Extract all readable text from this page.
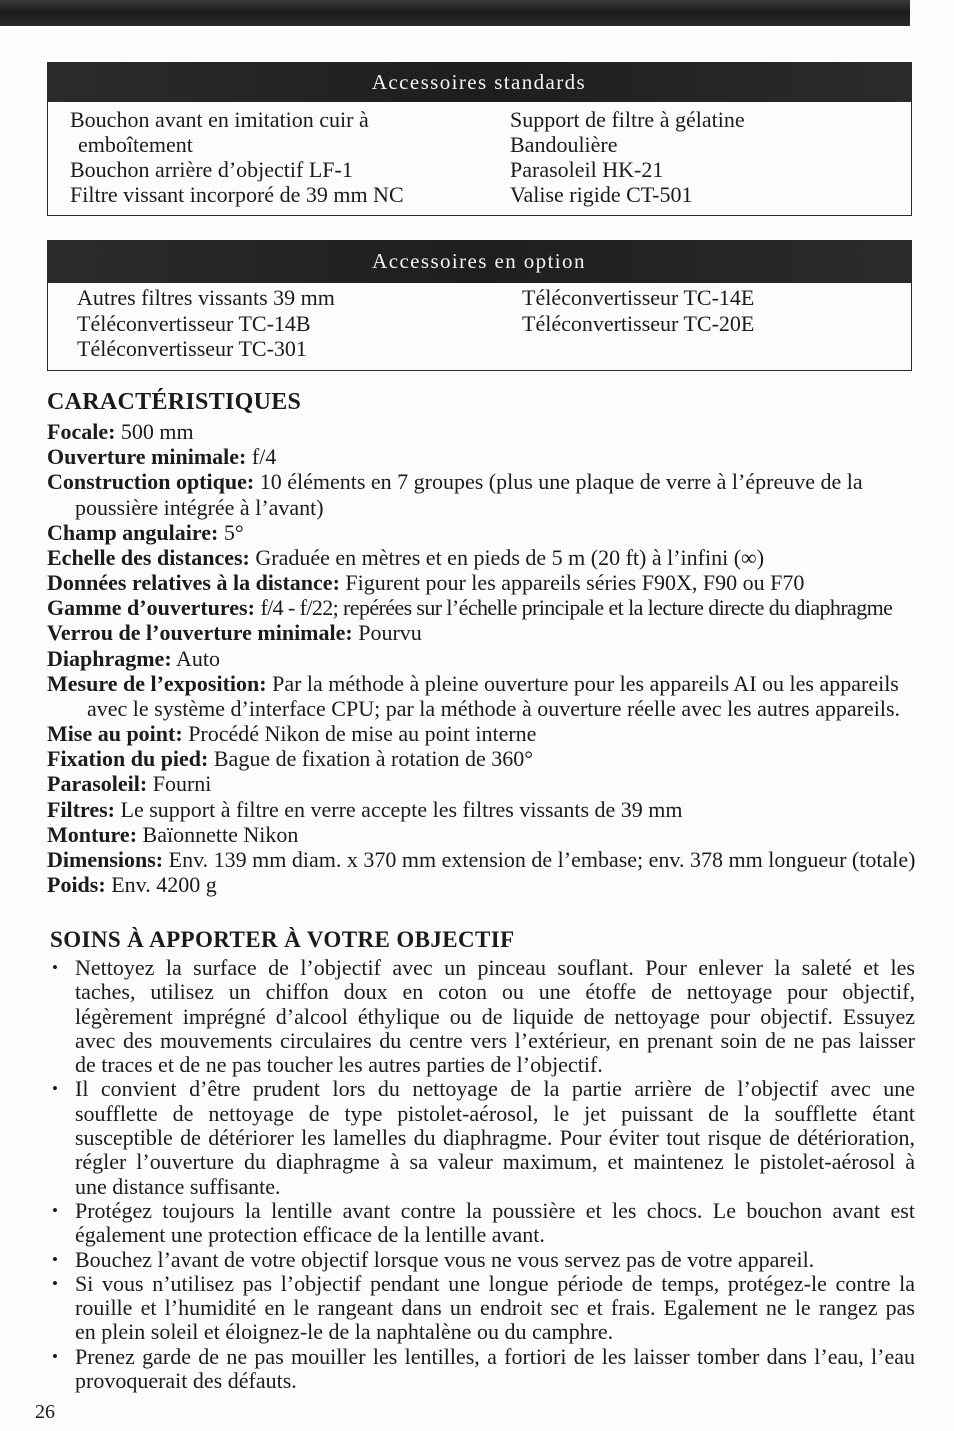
Accessoires standards
Bouchon avant en imitation cuir à emboîtement
Bouchon arrière d’objectif LF-1
Filtre vissant incorporé de 39 mm NC
Support de filtre à gélatine
Bandoulière
Parasoleil HK-21
Valise rigide CT-501
Accessoires en option
Autres filtres vissants 39 mm
Téléconvertisseur TC-14B
Téléconvertisseur TC-301
Téléconvertisseur TC-14E
Téléconvertisseur TC-20E
CARACTÉRISTIQUES
Focale: 500 mm
Ouverture minimale: f/4
Construction optique: 10 éléments en 7 groupes (plus une plaque de verre à l’épreuve de la
poussière intégrée à l’avant)
Champ angulaire: 5°
Echelle des distances: Graduée en mètres et en pieds de 5 m (20 ft) à l’infini (∞)
Données relatives à la distance: Figurent pour les appareils séries F90X, F90 ou F70
Gamme d’ouvertures: f/4 - f/22; repérées sur l’échelle principale et la lecture directe du diaphragme
Verrou de l’ouverture minimale: Pourvu
Diaphragme: Auto
Mesure de l’exposition: Par la méthode à pleine ouverture pour les appareils AI ou les appareils
avec le système d’interface CPU; par la méthode à ouverture réelle avec les autres appareils.
Mise au point: Procédé Nikon de mise au point interne
Fixation du pied: Bague de fixation à rotation de 360°
Parasoleil: Fourni
Filtres: Le support à filtre en verre accepte les filtres vissants de 39 mm
Monture: Baïonnette Nikon
Dimensions: Env. 139 mm diam. x 370 mm extension de l’embase; env. 378 mm longueur (totale)
Poids: Env. 4200 g
SOINS À APPORTER À VOTRE OBJECTIF
• Nettoyez la surface de l’objectif avec un pinceau souflant. Pour enlever la saleté et les
taches, utilisez un chiffon doux en coton ou une étoffe de nettoyage pour objectif,
légèrement imprégné d’alcool éthylique ou de liquide de nettoyage pour objectif. Essuyez
avec des mouvements circulaires du centre vers l’extérieur, en prenant soin de ne pas laisser
de traces et de ne pas toucher les autres parties de l’objectif.
• Il convient d’être prudent lors du nettoyage de la partie arrière de l’objectif avec une
soufflette de nettoyage de type pistolet-aérosol, le jet puissant de la soufflette étant
susceptible de détériorer les lamelles du diaphragme. Pour éviter tout risque de détérioration,
régler l’ouverture du diaphragme à sa valeur maximum, et maintenez le pistolet-aérosol à
une distance suffisante.
• Protégez toujours la lentille avant contre la poussière et les chocs. Le bouchon avant est
également une protection efficace de la lentille avant.
• Bouchez l’avant de votre objectif lorsque vous ne vous servez pas de votre appareil.
• Si vous n’utilisez pas l’objectif pendant une longue période de temps, protégez-le contre la
rouille et l’humidité en le rangeant dans un endroit sec et frais. Egalement ne le rangez pas
en plein soleil et éloignez-le de la naphtalène ou du camphre.
• Prenez garde de ne pas mouiller les lentilles, a fortiori de les laisser tomber dans l’eau, l’eau
provoquerait des défauts.
26
